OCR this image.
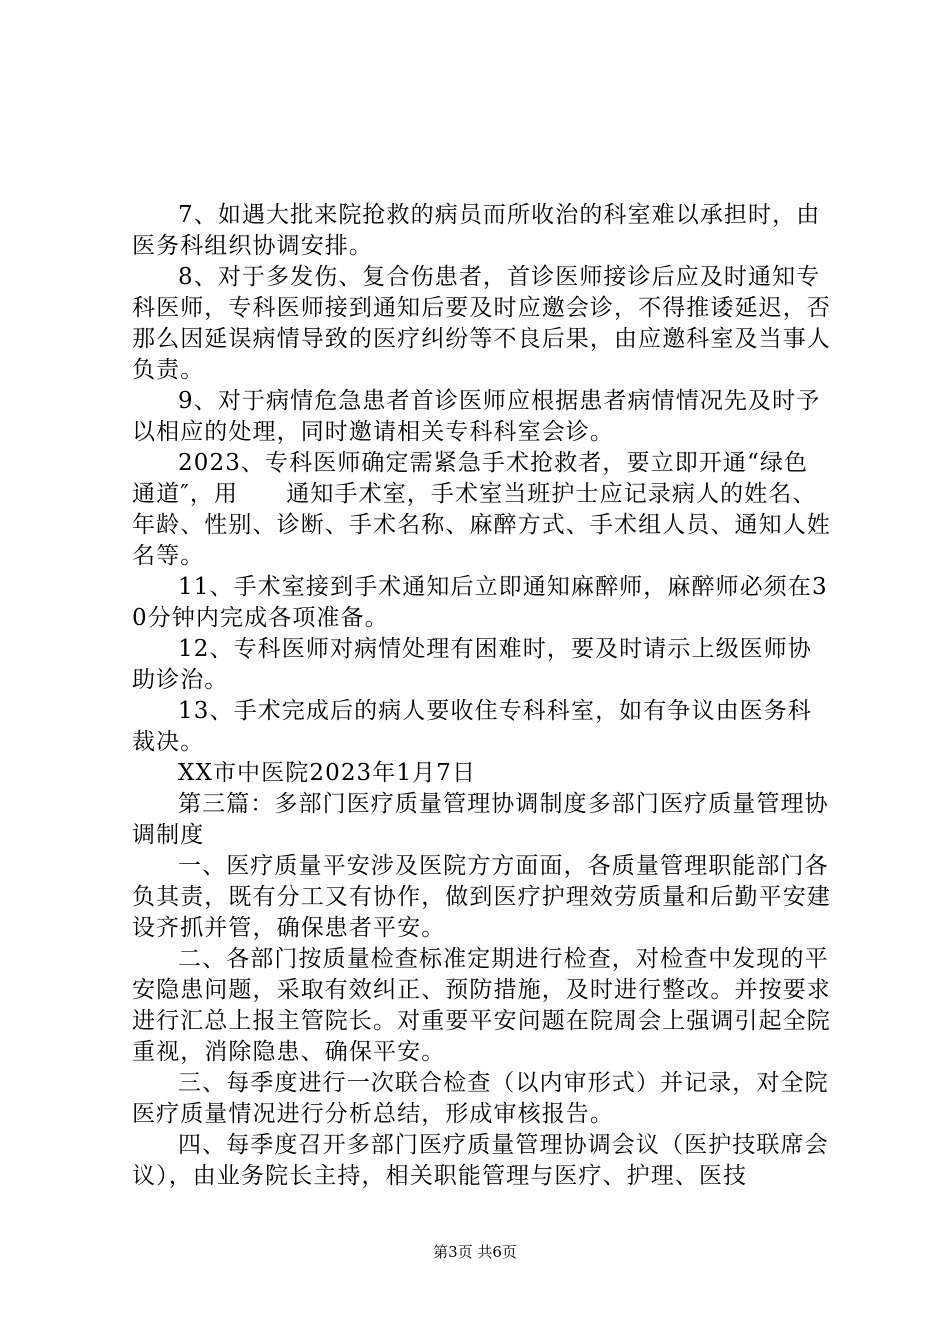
7、如遇大批来院抢救的病员而所收治的科室难以承担时，由医务科组织协调安排。

8、对于多发伤、复合伤患者，首诊医师接诊后应及时通知专科医师，专科医师接到通知后要及时应邀会诊，不得推诿延迟，否那么因延误病情导致的医疗纠纷等不良后果，由应邀科室及当事人负责。

9、对于病情危急患者首诊医师应根据患者病情情况先及时予以相应的处理，同时邀请相关专科科室会诊。

2023、专科医师确定需紧急手术抢救者，要立即开通“绿色通道″，用　　通知手术室，手术室当班护士应记录病人的姓名、年龄、性别、诊断、手术名称、麻醉方式、手术组人员、通知人姓名等。

11、手术室接到手术通知后立即通知麻醉师，麻醉师必须在30分钟内完成各项准备。

12、专科医师对病情处理有困难时，要及时请示上级医师协助诊治。

13、手术完成后的病人要收住专科科室，如有争议由医务科裁决。

XX市中医院2023年1月7日

第三篇：多部门医疗质量管理协调制度多部门医疗质量管理协调制度

一、医疗质量平安涉及医院方方面面，各质量管理职能部门各负其责，既有分工又有协作，做到医疗护理效劳质量和后勤平安建设齐抓并管，确保患者平安。

二、各部门按质量检查标准定期进行检查，对检查中发现的平安隐患问题，采取有效纠正、预防措施，及时进行整改。并按要求进行汇总上报主管院长。对重要平安问题在院周会上强调引起全院重视，消除隐患、确保平安。

三、每季度进行一次联合检查（以内审形式）并记录，对全院医疗质量情况进行分析总结，形成审核报告。

四、每季度召开多部门医疗质量管理协调会议（医护技联席会议），由业务院长主持，相关职能管理与医疗、护理、医技

第3页 共6页
